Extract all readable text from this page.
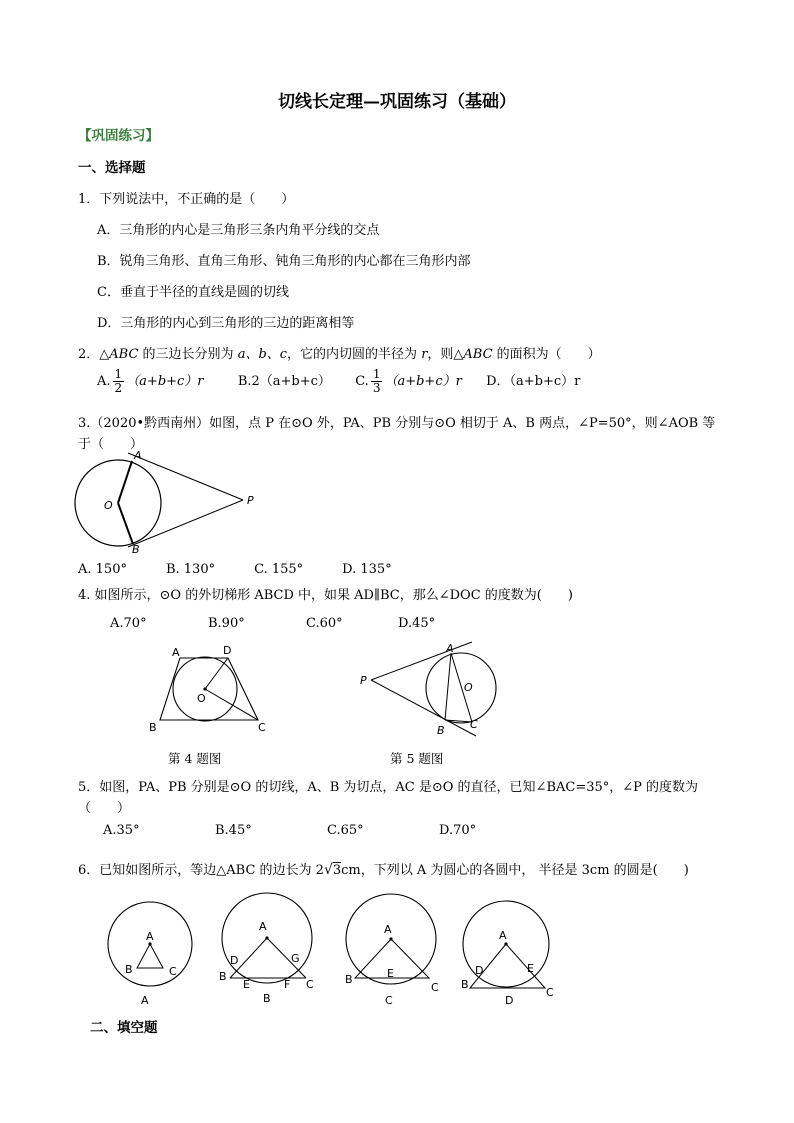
切线长定理—巩固练习（基础）
【巩固练习】
一、选择题
1．下列说法中，不正确的是（　　）
A．三角形的内心是三角形三条内角平分线的交点
B．锐角三角形、直角三角形、钝角三角形的内心都在三角形内部
C．垂直于半径的直线是圆的切线
D．三角形的内心到三角形的三边的距离相等
2．△ABC 的三边长分别为 a、b、c，它的内切圆的半径为 r，则△ABC 的面积为（　　）
A. $\frac{1}{2} (a+b+c)r$	B.2（a+b+c） C. $\frac{1}{3} (a+b+c)r$ D．（a+b+c）r
3.（2020•黔西南州）如图，点 P 在⊙O 外，PA、PB 分别与⊙O 相切于 A、B 两点，∠P=50°，则∠AOB 等
于（　　）
A
B
O	P
A. 150°　　　B. 130°　　　C. 155°　　　D. 135°
4. 如图所示，⊙O 的外切梯形 ABCD 中，如果 AD∥BC，那么∠DOC 的度数为(　　)
A.70°	B.90°	C.60°	D.45°
A	D
B	C
O
A
B C
O
P
第 4 题图	第 5 题图
5．如图，PA、PB 分别是⊙O 的切线，A、B 为切点，AC 是⊙O 的直径，已知∠BAC=35°，∠P 的度数为
（　　）
A.35°	B.45°	C.65°	D.70°
6．已知如图所示，等边△ABC 的边长为 2√3cm，下列以 A 为圆心的各圆中， 半径是 3cm 的圆是(　　)
A
B	C
A
A
B
C
D
E	F
G
B
A
B
C
E
C
A
B
C
D	E
D
二、填空题
